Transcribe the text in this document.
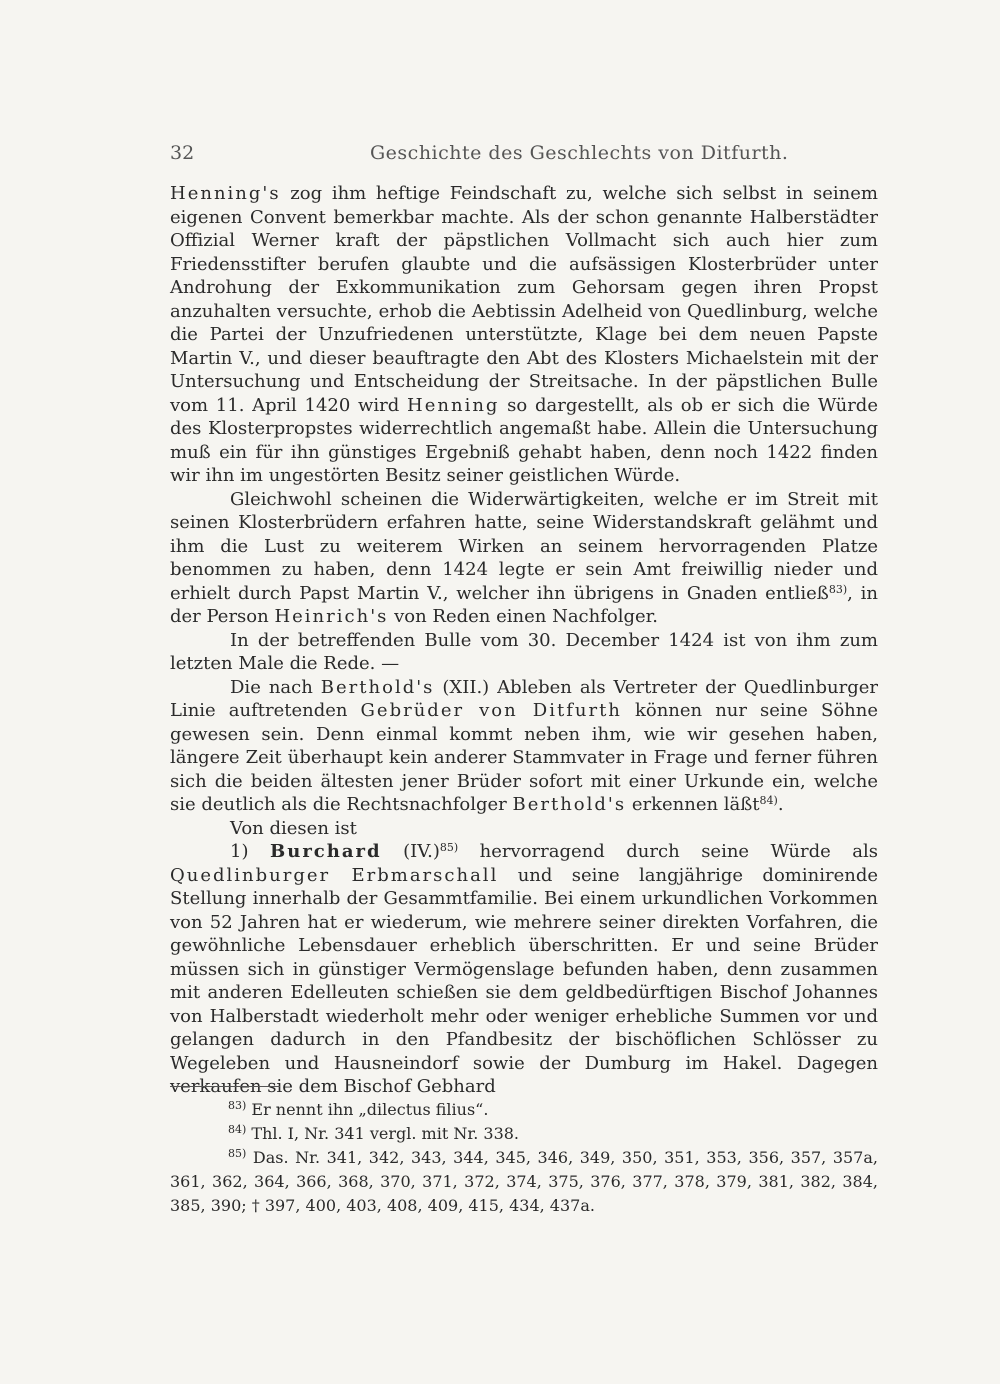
32	Geschichte des Geschlechts von Ditfurth.

Henning's zog ihm heftige Feindschaft zu, welche sich selbst in seinem eigenen Convent bemerkbar machte. Als der schon genannte Halberstädter Offizial Werner kraft der päpstlichen Vollmacht sich auch hier zum Friedensstifter berufen glaubte und die aufsässigen Klosterbrüder unter Androhung der Exkommunikation zum Gehorsam gegen ihren Propst anzuhalten versuchte, erhob die Aebtissin Adelheid von Quedlinburg, welche die Partei der Unzufriedenen unterstützte, Klage bei dem neuen Papste Martin V., und dieser beauftragte den Abt des Klosters Michaelstein mit der Untersuchung und Entscheidung der Streitsache. In der päpstlichen Bulle vom 11. April 1420 wird Henning so dargestellt, als ob er sich die Würde des Klosterpropstes widerrechtlich angemaßt habe. Allein die Untersuchung muß ein für ihn günstiges Ergebniß gehabt haben, denn noch 1422 finden wir ihn im ungestörten Besitz seiner geistlichen Würde.

Gleichwohl scheinen die Widerwärtigkeiten, welche er im Streit mit seinen Klosterbrüdern erfahren hatte, seine Widerstandskraft gelähmt und ihm die Lust zu weiterem Wirken an seinem hervorragenden Platze benommen zu haben, denn 1424 legte er sein Amt freiwillig nieder und erhielt durch Papst Martin V., welcher ihn übrigens in Gnaden entließ$^{83)}$, in der Person Heinrich's von Reden einen Nachfolger.

In der betreffenden Bulle vom 30. December 1424 ist von ihm zum letzten Male die Rede. —

Die nach Berthold's (XII.) Ableben als Vertreter der Quedlinburger Linie auftretenden Gebrüder von Ditfurth können nur seine Söhne gewesen sein. Denn einmal kommt neben ihm, wie wir gesehen haben, längere Zeit überhaupt kein anderer Stammvater in Frage und ferner führen sich die beiden ältesten jener Brüder sofort mit einer Urkunde ein, welche sie deutlich als die Rechtsnachfolger Berthold's erkennen läßt$^{84)}$.

Von diesen ist

1) Burchard $(IV.)^{85)}$ hervorragend durch seine Würde als Quedlinburger Erbmarschall und seine langjährige dominirende Stellung innerhalb der Gesammtfamilie. Bei einem urkundlichen Vorkommen von 52 Jahren hat er wiederum, wie mehrere seiner direkten Vorfahren, die gewöhnliche Lebensdauer erheblich überschritten. Er und seine Brüder müssen sich in günstiger Vermögenslage befunden haben, denn zusammen mit anderen Edelleuten schießen sie dem geldbedürftigen Bischof Johannes von Halberstadt wiederholt mehr oder weniger erhebliche Summen vor und gelangen dadurch in den Pfandbesitz der bischöflichen Schlösser zu Wegeleben und Hausneindorf sowie der Dumburg im Hakel. Dagegen verkaufen sie dem Bischof Gebhard

$^{83)}$ Er nennt ihn „dilectus filius“.

$^{84)}$ Thl. I, Nr. 341 vergl. mit Nr. 338.

$^{85)}$ Das. Nr. 341, 342, 343, 344, 345, 346, 349, 350, 351, 353, 356, 357, 357a, 361, 362, 364, 366, 368, 370, 371, 372, 374, 375, 376, 377, 378, 379, 381, 382, 384, 385, 390; † 397, 400, 403, 408, 409, 415, 434, 437a.
